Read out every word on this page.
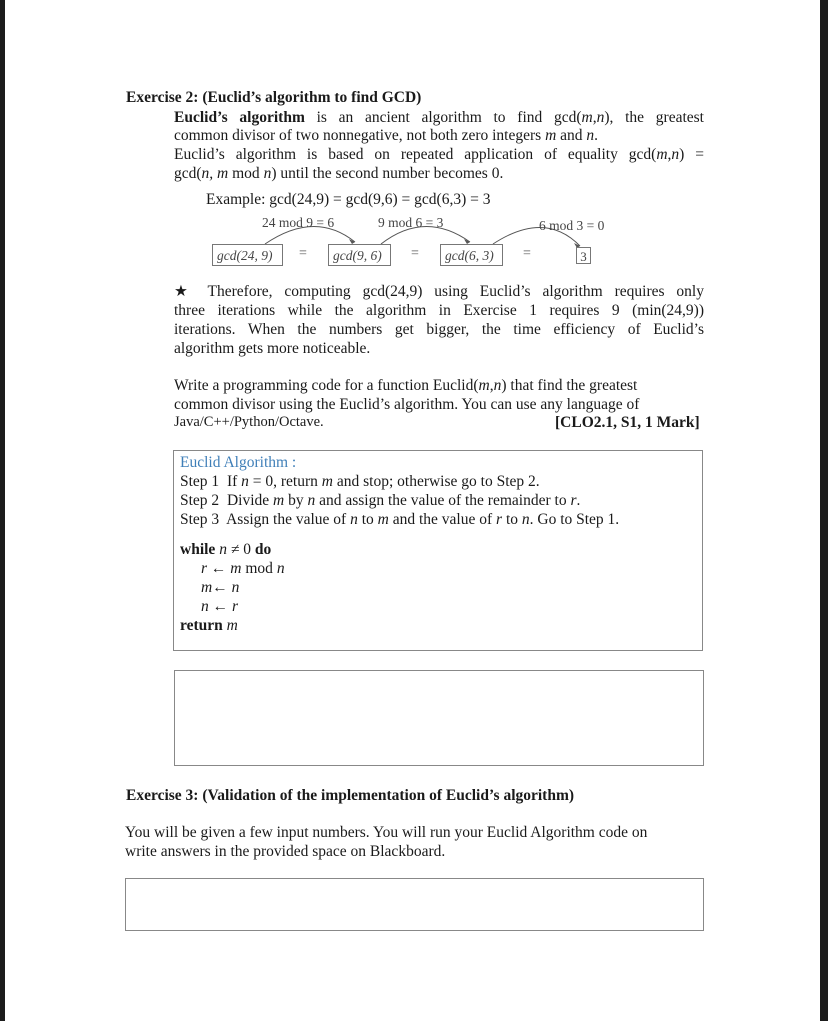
Exercise 2: (Euclid’s algorithm to find GCD)
Euclid’s algorithm is an ancient algorithm to find gcd(m,n), the greatest
common divisor of two nonnegative, not both zero integers m and n.
Euclid’s algorithm is based on repeated application of equality gcd(m,n) =
gcd(n, m mod n) until the second number becomes 0.
Example: gcd(24,9) = gcd(9,6) = gcd(6,3) = 3
24 mod 9 = 6	9 mod 6 = 3	6 mod 3 = 0
gcd(24, 9)	=	gcd(9, 6)	=	gcd(6, 3)	=	3
★ Therefore, computing gcd(24,9) using Euclid’s algorithm requires only
three iterations while the algorithm in Exercise 1 requires 9 (min(24,9))
iterations. When the numbers get bigger, the time efficiency of Euclid’s
algorithm gets more noticeable.
Write a programming code for a function Euclid(m,n) that find the greatest
common divisor using the Euclid’s algorithm. You can use any language of
Java/C++/Python/Octave.	[CLO2.1, S1, 1 Mark]
Euclid Algorithm :
Step 1 If n = 0, return m and stop; otherwise go to Step 2.
Step 2 Divide m by n and assign the value of the remainder to r.
Step 3 Assign the value of n to m and the value of r to n. Go to Step 1.
while n ≠ 0 do
r ← m mod n
m← n
n ← r
return m
Exercise 3: (Validation of the implementation of Euclid’s algorithm)
You will be given a few input numbers. You will run your Euclid Algorithm code on
write answers in the provided space on Blackboard.
